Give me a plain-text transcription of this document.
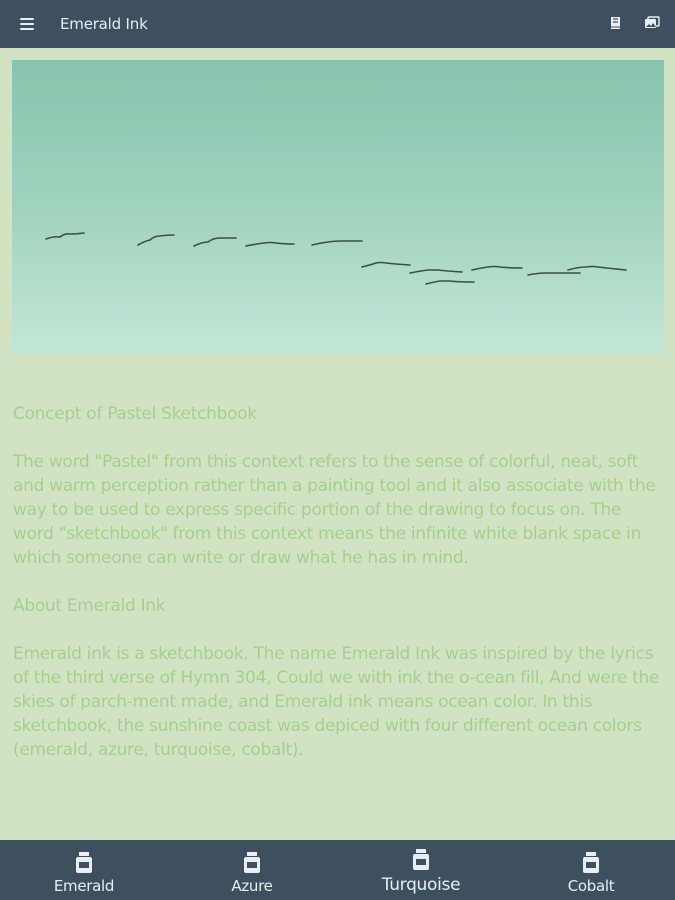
Emerald Ink
Concept of Pastel Sketchbook

The word "Pastel" from this context refers to the sense of colorful, neat, soft and warm perception rather than a painting tool and it also associate with the way to be used to express specific portion of the drawing to focus on. The word "sketchbook" from this context means the infinite white blank space in which someone can write or draw what he has in mind.

About Emerald Ink

Emerald ink is a sketchbook. The name Emerald Ink was inspired by the lyrics of the third verse of Hymn 304, Could we with ink the o-cean fill, And were the skies of parch-ment made, and Emerald ink means ocean color. In this sketchbook, the sunshine coast was depiced with four different ocean colors (emerald, azure, turquoise, cobalt).

Emerald	Azure	Turquoise	Cobalt
